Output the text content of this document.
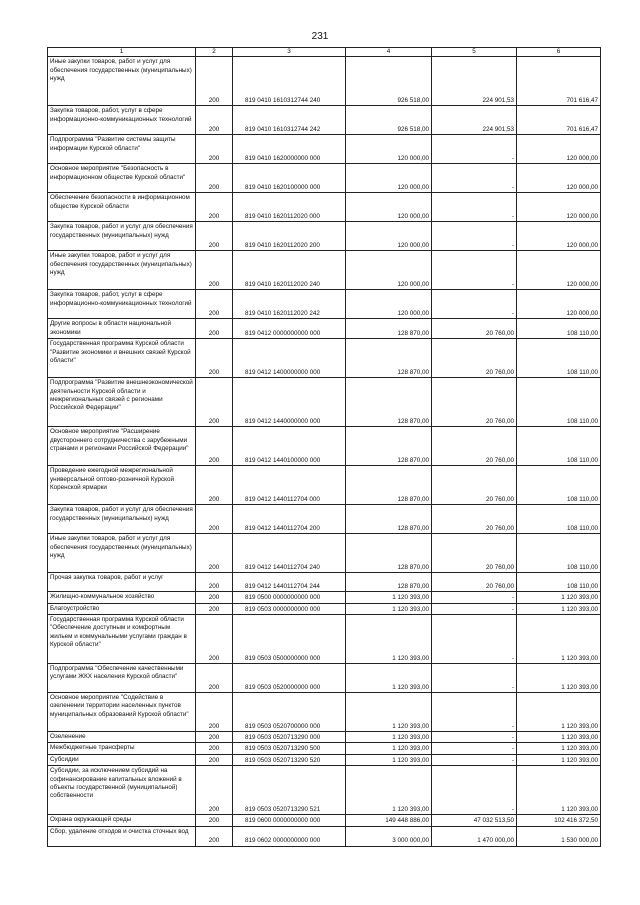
231
1	2	3	4	5	6
Иные закупки товаров, работ и услуг для обеспечения государственных (муниципальных) нужд	200	819 0410 1610312744 240	926 518,00	224 901,53	701 616,47
Закупка товаров, работ, услуг в сфере информационно-коммуникационных технологий	200	819 0410 1610312744 242	926 518,00	224 901,53	701 616,47
Подпрограмма "Развитие системы защиты информации Курской области"	200	819 0410 1620000000 000	120 000,00	-	120 000,00
Основное мероприятие "Безопасность в информационном обществе Курской области"	200	819 0410 1620100000 000	120 000,00	-	120 000,00
Обеспечение безопасности в информационном обществе Курской области	200	819 0410 1620112020 000	120 000,00	-	120 000,00
Закупка товаров, работ и услуг для обеспечения государственных (муниципальных) нужд	200	819 0410 1620112020 200	120 000,00	-	120 000,00
Иные закупки товаров, работ и услуг для обеспечения государственных (муниципальных) нужд	200	819 0410 1620112020 240	120 000,00	-	120 000,00
Закупка товаров, работ, услуг в сфере информационно-коммуникационных технологий	200	819 0410 1620112020 242	120 000,00	-	120 000,00
Другие вопросы в области национальной экономики	200	819 0412 0000000000 000	128 870,00	20 760,00	108 110,00
Государственная программа Курской области "Развитие экономики и внешних связей Курской области"	200	819 0412 1400000000 000	128 870,00	20 760,00	108 110,00
Подпрограмма "Развитие внешнеэкономической деятельности Курской области и межрегиональных связей с регионами Российской Федерации"	200	819 0412 1440000000 000	128 870,00	20 760,00	108 110,00
Основное мероприятие "Расширение двустороннего сотрудничества с зарубежными странами и регионами Российской Федерации"	200	819 0412 1440100000 000	128 870,00	20 760,00	108 110,00
Проведение ежегодной межрегиональной универсальной оптово-розничной Курской Коренской ярмарки	200	819 0412 1440112704 000	128 870,00	20 760,00	108 110,00
Закупка товаров, работ и услуг для обеспечения государственных (муниципальных) нужд	200	819 0412 1440112704 200	128 870,00	20 760,00	108 110,00
Иные закупки товаров, работ и услуг для обеспечения государственных (муниципальных) нужд	200	819 0412 1440112704 240	128 870,00	20 760,00	108 110,00
Прочая закупка товаров, работ и услуг	200	819 0412 1440112704 244	128 870,00	20 760,00	108 110,00
Жилищно-коммунальное хозяйство	200	819 0500 0000000000 000	1 120 393,00	-	1 120 393,00
Благоустройство	200	819 0503 0000000000 000	1 120 393,00	-	1 120 393,00
Государственная программа Курской области "Обеспечение доступным и комфортным жильем и коммунальными услугами граждан в Курской области"	200	819 0503 0500000000 000	1 120 393,00	-	1 120 393,00
Подпрограмма "Обеспечение качественными услугами ЖКХ населения Курской области"	200	819 0503 0520000000 000	1 120 393,00	-	1 120 393,00
Основное мероприятие "Содействие в озеленении территории населенных пунктов муниципальных образований Курской области"	200	819 0503 0520700000 000	1 120 393,00	-	1 120 393,00
Озеленение	200	819 0503 0520713290 000	1 120 393,00	-	1 120 393,00
Межбюджетные трансферты	200	819 0503 0520713290 500	1 120 393,00	-	1 120 393,00
Субсидии	200	819 0503 0520713290 520	1 120 393,00	-	1 120 393,00
Субсидии, за исключением субсидий на софинансирование капитальных вложений в объекты государственной (муниципальной) собственности	200	819 0503 0520713290 521	1 120 393,00	-	1 120 393,00
Охрана окружающей среды	200	819 0600 0000000000 000	149 448 886,00	47 032 513,50	102 416 372,50
Сбор, удаление отходов и очистка сточных вод	200	819 0602 0000000000 000	3 000 000,00	1 470 000,00	1 530 000,00
